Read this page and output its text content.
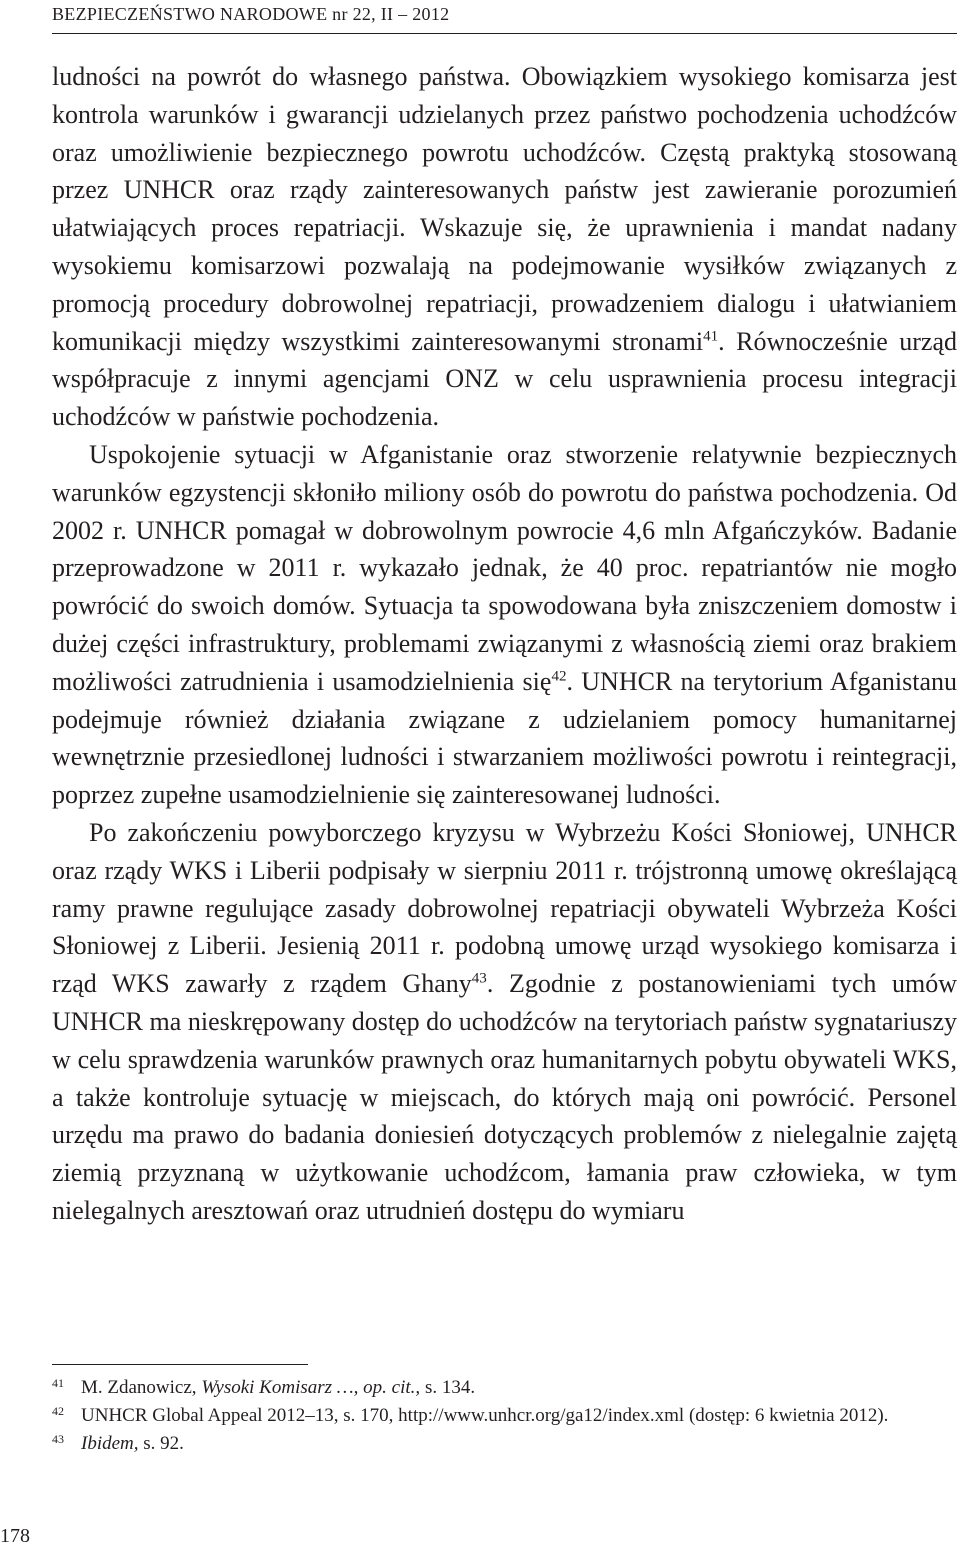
BEZPIECZEŃSTWO NARODOWE nr 22, II – 2012

ludności na powrót do własnego państwa. Obowiązkiem wysokiego komisarza jest kontrola warunków i gwarancji udzielanych przez państwo pochodzenia uchodźców oraz umożliwienie bezpiecznego powrotu uchodźców. Częstą praktyką stosowaną przez UNHCR oraz rządy zainteresowanych państw jest zawieranie porozumień ułatwiających proces repatriacji. Wskazuje się, że uprawnienia i mandat nadany wysokiemu komisarzowi pozwalają na podejmowanie wysiłków związanych z promocją procedury dobrowolnej repatriacji, prowadzeniem dialogu i ułatwianiem komunikacji między wszystkimi zainteresowanymi stronami$^{41}$. Równocześnie urząd współpracuje z innymi agencjami ONZ w celu usprawnienia procesu integracji uchodźców w państwie pochodzenia.

Uspokojenie sytuacji w Afganistanie oraz stworzenie relatywnie bezpiecznych warunków egzystencji skłoniło miliony osób do powrotu do państwa pochodzenia. Od 2002 r. UNHCR pomagał w dobrowolnym powrocie 4,6 mln Afgańczyków. Badanie przeprowadzone w 2011 r. wykazało jednak, że 40 proc. repatriantów nie mogło powrócić do swoich domów. Sytuacja ta spowodowana była zniszczeniem domostw i dużej części infrastruktury, problemami związanymi z własnością ziemi oraz brakiem możliwości zatrudnienia i usamodzielnienia się$^{42}$. UNHCR na terytorium Afganistanu podejmuje również działania związane z udzielaniem pomocy humanitarnej wewnętrznie przesiedlonej ludności i stwarzaniem możliwości powrotu i reintegracji, poprzez zupełne usamodzielnienie się zainteresowanej ludności.

Po zakończeniu powyborczego kryzysu w Wybrzeżu Kości Słoniowej, UNHCR oraz rządy WKS i Liberii podpisały w sierpniu 2011 r. trójstronną umowę określającą ramy prawne regulujące zasady dobrowolnej repatriacji obywateli Wybrzeża Kości Słoniowej z Liberii. Jesienią 2011 r. podobną umowę urząd wysokiego komisarza i rząd WKS zawarły z rządem Ghany$^{43}$. Zgodnie z postanowieniami tych umów UNHCR ma nieskrępowany dostęp do uchodźców na terytoriach państw sygnatariuszy w celu sprawdzenia warunków prawnych oraz humanitarnych pobytu obywateli WKS, a także kontroluje sytuację w miejscach, do których mają oni powrócić. Personel urzędu ma prawo do badania doniesień dotyczących problemów z nielegalnie zajętą ziemią przyznaną w użytkowanie uchodźcom, łamania praw człowieka, w tym nielegalnych aresztowań oraz utrudnień dostępu do wymiaru

41 M. Zdanowicz, Wysoki Komisarz …, op. cit., s. 134.

42 UNHCR Global Appeal 2012–13, s. 170, http://www.unhcr.org/ga12/index.xml (dostęp: 6 kwietnia 2012).

43 Ibidem, s. 92.

178
